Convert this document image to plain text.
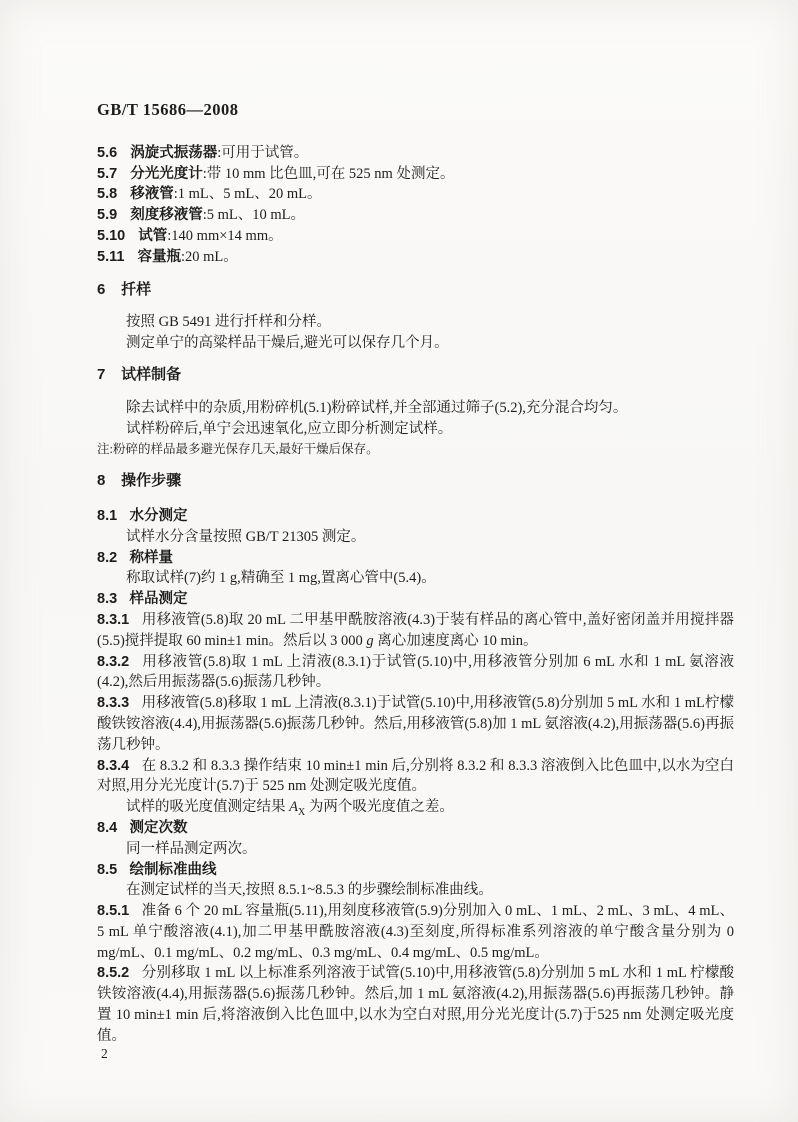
GB/T 15686—2008
5.6 涡旋式振荡器:可用于试管。
5.7 分光光度计:带 10 mm 比色皿,可在 525 nm 处测定。
5.8 移液管:1 mL、5 mL、20 mL。
5.9 刻度移液管:5 mL、10 mL。
5.10 试管:140 mm×14 mm。
5.11 容量瓶:20 mL。
6 扦样
按照 GB 5491 进行扦样和分样。
测定单宁的高粱样品干燥后,避光可以保存几个月。
7 试样制备
除去试样中的杂质,用粉碎机(5.1)粉碎试样,并全部通过筛子(5.2),充分混合均匀。
试样粉碎后,单宁会迅速氧化,应立即分析测定试样。
注:粉碎的样品最多避光保存几天,最好干燥后保存。
8 操作步骤
8.1 水分测定
试样水分含量按照 GB/T 21305 测定。
8.2 称样量
称取试样(7)约 1 g,精确至 1 mg,置离心管中(5.4)。
8.3 样品测定
8.3.1 用移液管(5.8)取 20 mL 二甲基甲酰胺溶液(4.3)于装有样品的离心管中,盖好密闭盖并用搅拌器(5.5)搅拌提取 60 min±1 min。然后以 3 000 g 离心加速度离心 10 min。
8.3.2 用移液管(5.8)取 1 mL 上清液(8.3.1)于试管(5.10)中,用移液管分别加 6 mL 水和 1 mL 氨溶液(4.2),然后用振荡器(5.6)振荡几秒钟。
8.3.3 用移液管(5.8)移取 1 mL 上清液(8.3.1)于试管(5.10)中,用移液管(5.8)分别加 5 mL 水和 1 mL柠檬酸铁铵溶液(4.4),用振荡器(5.6)振荡几秒钟。然后,用移液管(5.8)加 1 mL 氨溶液(4.2),用振荡器(5.6)再振荡几秒钟。
8.3.4 在 8.3.2 和 8.3.3 操作结束 10 min±1 min 后,分别将 8.3.2 和 8.3.3 溶液倒入比色皿中,以水为空白对照,用分光光度计(5.7)于 525 nm 处测定吸光度值。
试样的吸光度值测定结果 $A_X$ 为两个吸光度值之差。
8.4 测定次数
同一样品测定两次。
8.5 绘制标准曲线
在测定试样的当天,按照 8.5.1~8.5.3 的步骤绘制标准曲线。
8.5.1 准备 6 个 20 mL 容量瓶(5.11),用刻度移液管(5.9)分别加入 0 mL、1 mL、2 mL、3 mL、4 mL、5 mL 单宁酸溶液(4.1),加二甲基甲酰胺溶液(4.3)至刻度,所得标准系列溶液的单宁酸含量分别为 0 mg/mL、0.1 mg/mL、0.2 mg/mL、0.3 mg/mL、0.4 mg/mL、0.5 mg/mL。
8.5.2 分别移取 1 mL 以上标准系列溶液于试管(5.10)中,用移液管(5.8)分别加 5 mL 水和 1 mL 柠檬酸铁铵溶液(4.4),用振荡器(5.6)振荡几秒钟。然后,加 1 mL 氨溶液(4.2),用振荡器(5.6)再振荡几秒钟。静置 10 min±1 min 后,将溶液倒入比色皿中,以水为空白对照,用分光光度计(5.7)于525 nm 处测定吸光度值。
2
